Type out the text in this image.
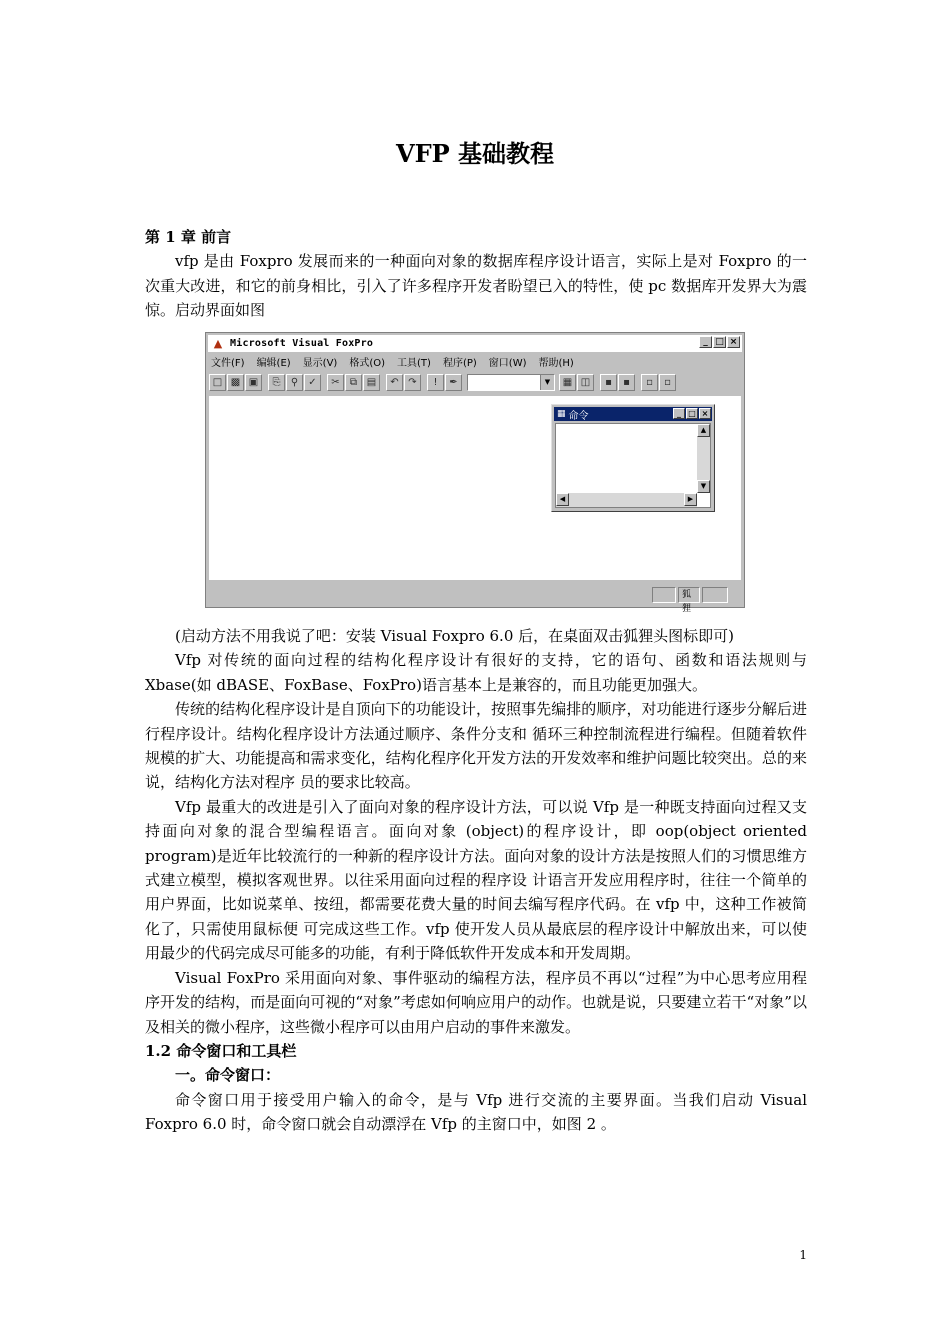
VFP 基础教程

第 1 章 前言

vfp 是由 Foxpro 发展而来的一种面向对象的数据库程序设计语言，实际上是对 Foxpro 的一次重大改进，和它的前身相比，引入了许多程序开发者盼望已入的特性，使 pc 数据库开发界大为震惊。启动界面如图

▲ Microsoft Visual FoxPro	_ □ ×
文件(F) 编辑(E) 显示(V) 格式(O) 工具(T) 程序(P) 窗口(W) 帮助(H)
□ ▩ ▣	⎘	⚲	✓	✂	⧉ ▤	↶ ↷	!	✒	▼	▦ ◫	▪	▪	▫	▫
▦ 命令	_ □ ×
▲
▼
◀	▶
狐狸

(启动方法不用我说了吧：安装 Visual Foxpro 6.0 后，在桌面双击狐狸头图标即可)

Vfp 对传统的面向过程的结构化程序设计有很好的支持，它的语句、函数和语法规则与 Xbase(如 dBASE、FoxBase、FoxPro)语言基本上是兼容的，而且功能更加强大。

传统的结构化程序设计是自顶向下的功能设计，按照事先编排的顺序，对功能进行逐步分解后进行程序设计。结构化程序设计方法通过顺序、条件分支和 循环三种控制流程进行编程。但随着软件规模的扩大、功能提高和需求变化，结构化程序化开发方法的开发效率和维护问题比较突出。总的来说，结构化方法对程序 员的要求比较高。

Vfp 最重大的改进是引入了面向对象的程序设计方法，可以说 Vfp 是一种既支持面向过程又支持面向对象的混合型编程语言。面向对象 (object)的程序设计，即 oop(object oriented program)是近年比较流行的一种新的程序设计方法。面向对象的设计方法是按照人们的习惯思维方式建立模型，模拟客观世界。以往采用面向过程的程序设 计语言开发应用程序时，往往一个简单的用户界面，比如说菜单、按纽，都需要花费大量的时间去编写程序代码。在 vfp 中，这种工作被简化了，只需使用鼠标便 可完成这些工作。vfp 使开发人员从最底层的程序设计中解放出来，可以使用最少的代码完成尽可能多的功能，有利于降低软件开发成本和开发周期。

Visual FoxPro 采用面向对象、事件驱动的编程方法，程序员不再以“过程”为中心思考应用程序开发的结构，而是面向可视的“对象”考虑如何响应用户的动作。也就是说，只要建立若干“对象”以及相关的微小程序，这些微小程序可以由用户启动的事件来激发。

1.2 命令窗口和工具栏

一。命令窗口：

命令窗口用于接受用户输入的命令，是与 Vfp 进行交流的主要界面。当我们启动 Visual Foxpro 6.0 时，命令窗口就会自动漂浮在 Vfp 的主窗口中，如图 2 。

1
